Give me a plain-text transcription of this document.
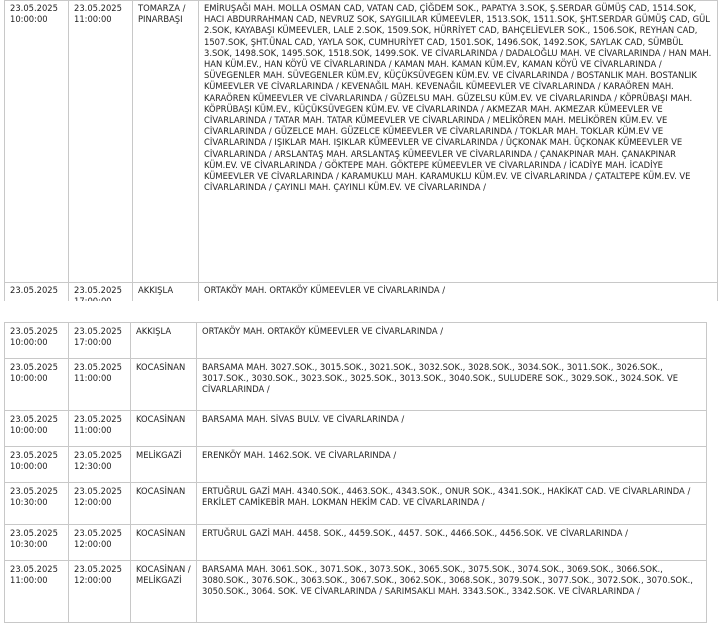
23.05.2025
10:00:00	23.05.2025
11:00:00	TOMARZA / PINARBAŞI	EMİRUŞAĞI MAH. MOLLA OSMAN CAD, VATAN CAD, ÇİĞDEM SOK., PAPATYA 3.SOK, Ş.SERDAR GÜMÜŞ CAD, 1514.SOK, HACI ABDURRAHMAN CAD, NEVRUZ SOK, SAYGILILAR KÜMEEVLER, 1513.SOK, 1511.SOK, ŞHT.SERDAR GÜMÜŞ CAD, GÜL 2.SOK, KAYABAŞI KÜMEEVLER, LALE 2.SOK, 1509.SOK, HÜRRİYET CAD, BAHÇELİEVLER SOK., 1506.SOK, REYHAN CAD, 1507.SOK, ŞHT.ÜNAL CAD, YAYLA SOK, CUMHURİYET CAD, 1501.SOK, 1496.SOK, 1492.SOK, SAYLAK CAD, SÜMBÜL 3.SOK, 1498.SOK, 1495.SOK, 1518.SOK, 1499.SOK. VE CİVARLARINDA / DADALOĞLU MAH. VE CİVARLARINDA / HAN MAH. HAN KÜM.EV., HAN KÖYÜ VE CİVARLARINDA / KAMAN MAH. KAMAN KÜM.EV, KAMAN KÖYÜ VE CİVARLARINDA / SÜVEGENLER MAH. SÜVEGENLER KÜM.EV, KÜÇÜKSÜVEGEN KÜM.EV. VE CİVARLARINDA / BOSTANLIK MAH. BOSTANLIK KÜMEEVLER VE CİVARLARINDA / KEVENAĞIL MAH. KEVENAĞIL KÜMEEVLER VE CİVARLARINDA / KARAÖREN MAH. KARAÖREN KÜMEEVLER VE CİVARLARINDA / GÜZELSU MAH. GÜZELSU KÜM.EV. VE CİVARLARINDA / KÖPRÜBAŞI MAH. KÖPRÜBAŞI KÜM.EV., KÜÇÜKSÜVEGEN KÜM.EV. VE CİVARLARINDA / AKMEZAR MAH. AKMEZAR KÜMEEVLER VE CİVARLARINDA / TATAR MAH. TATAR KÜMEEVLER VE CİVARLARINDA / MELİKÖREN MAH. MELİKÖREN KÜM.EV. VE CİVARLARINDA / GÜZELCE MAH. GÜZELCE KÜMEEVLER VE CİVARLARINDA / TOKLAR MAH. TOKLAR KÜM.EV VE CİVARLARINDA / IŞIKLAR MAH. IŞIKLAR KÜMEEVLER VE CİVARLARINDA / ÜÇKONAK MAH. ÜÇKONAK KÜMEEVLER VE CİVARLARINDA / ARSLANTAŞ MAH. ARSLANTAŞ KÜMEEVLER VE CİVARLARINDA / ÇANAKPINAR MAH. ÇANAKPINAR KÜM.EV. VE CİVARLARINDA / GÖKTEPE MAH. GÖKTEPE KÜMEEVLER VE CİVARLARINDA / İCADİYE MAH. İCADİYE KÜMEEVLER VE CİVARLARINDA / KARAMUKLU MAH. KARAMUKLU KÜM.EV. VE CİVARLARINDA / ÇATALTEPE KÜM.EV. VE CİVARLARINDA / ÇAYINLI MAH. ÇAYINLI KÜM.EV. VE CİVARLARINDA /

23.05.2025	23.05.2025	AKKIŞLA	ORTAKÖY MAH. ORTAKÖY KÜMEEVLER VE CİVARLARINDA /
23.05.2025
10:00:00	23.05.2025
17:00:00	AKKIŞLA	ORTAKÖY MAH. ORTAKÖY KÜMEEVLER VE CİVARLARINDA /

23.05.2025
10:00:00	23.05.2025
11:00:00	KOCASİNAN	BARSAMA MAH. 3027.SOK., 3015.SOK., 3021.SOK., 3032.SOK., 3028.SOK., 3034.SOK., 3011.SOK., 3026.SOK., 3017.SOK., 3030.SOK., 3023.SOK., 3025.SOK., 3013.SOK., 3040.SOK., SULUDERE SOK., 3029.SOK., 3024.SOK. VE CİVARLARINDA /

23.05.2025
10:00:00	23.05.2025
11:00:00	KOCASİNAN	BARSAMA MAH. SİVAS BULV. VE CİVARLARINDA /

23.05.2025
10:00:00	23.05.2025
12:30:00	MELİKGAZİ	ERENKÖY MAH. 1462.SOK. VE CİVARLARINDA /

23.05.2025
10:30:00	23.05.2025
12:00:00	KOCASİNAN	ERTUĞRUL GAZİ MAH. 4340.SOK., 4463.SOK., 4343.SOK., ONUR SOK., 4341.SOK., HAKİKAT CAD. VE CİVARLARINDA / ERKİLET CAMİKEBİR MAH. LOKMAN HEKİM CAD. VE CİVARLARINDA /

23.05.2025
10:30:00	23.05.2025
12:00:00	KOCASİNAN	ERTUĞRUL GAZİ MAH. 4458. SOK., 4459.SOK., 4457. SOK., 4466.SOK., 4456.SOK. VE CİVARLARINDA /

23.05.2025
11:00:00	23.05.2025
12:00:00	KOCASİNAN / MELİKGAZİ	BARSAMA MAH. 3061.SOK., 3071.SOK., 3073.SOK., 3065.SOK., 3075.SOK., 3074.SOK., 3069.SOK., 3066.SOK., 3080.SOK., 3076.SOK., 3063.SOK., 3067.SOK., 3062.SOK., 3068.SOK., 3079.SOK., 3077.SOK., 3072.SOK., 3070.SOK., 3050.SOK., 3064. SOK. VE CİVARLARINDA / SARIMSAKLI MAH. 3343.SOK., 3342.SOK. VE CİVARLARINDA /
